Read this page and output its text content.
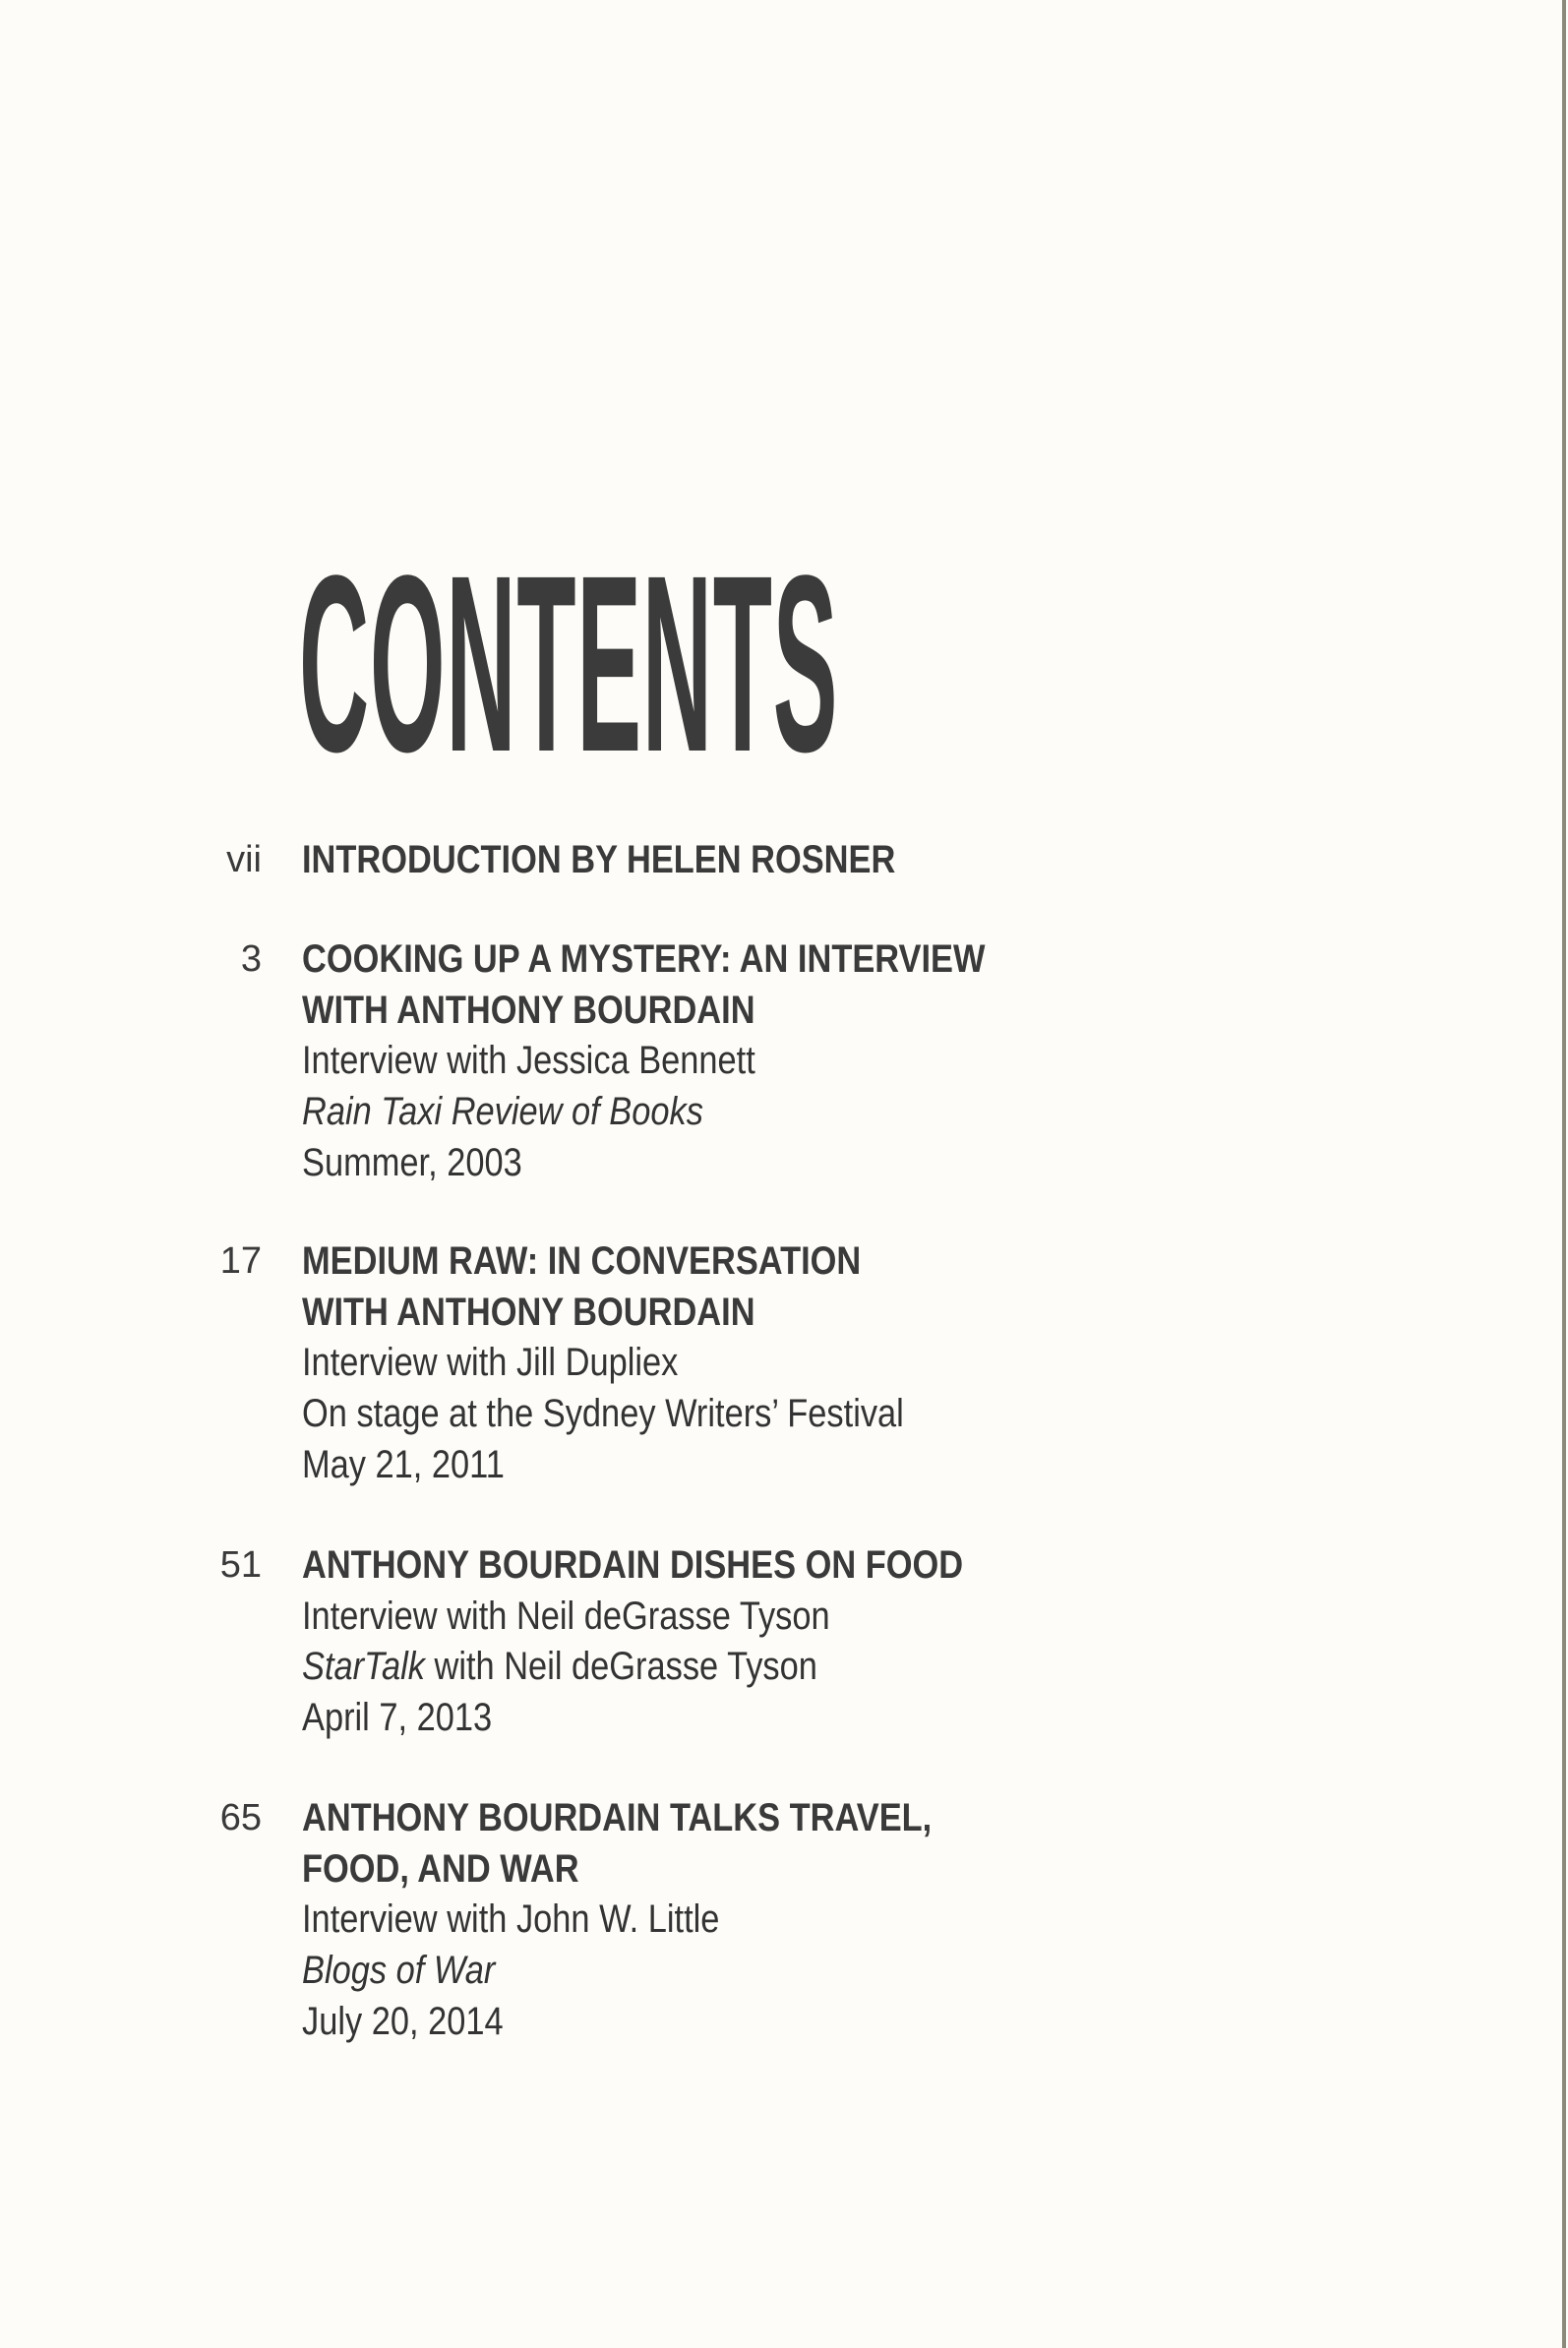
CONTENTS
vii INTRODUCTION BY HELEN ROSNER
3 COOKING UP A MYSTERY: AN INTERVIEW
WITH ANTHONY BOURDAIN
Interview with Jessica Bennett
Rain Taxi Review of Books
Summer, 2003
17 MEDIUM RAW: IN CONVERSATION
WITH ANTHONY BOURDAIN
Interview with Jill Dupliex
On stage at the Sydney Writers’ Festival
May 21, 2011
51 ANTHONY BOURDAIN DISHES ON FOOD
Interview with Neil deGrasse Tyson
StarTalk with Neil deGrasse Tyson
April 7, 2013
65 ANTHONY BOURDAIN TALKS TRAVEL,
FOOD, AND WAR
Interview with John W. Little
Blogs of War
July 20, 2014
